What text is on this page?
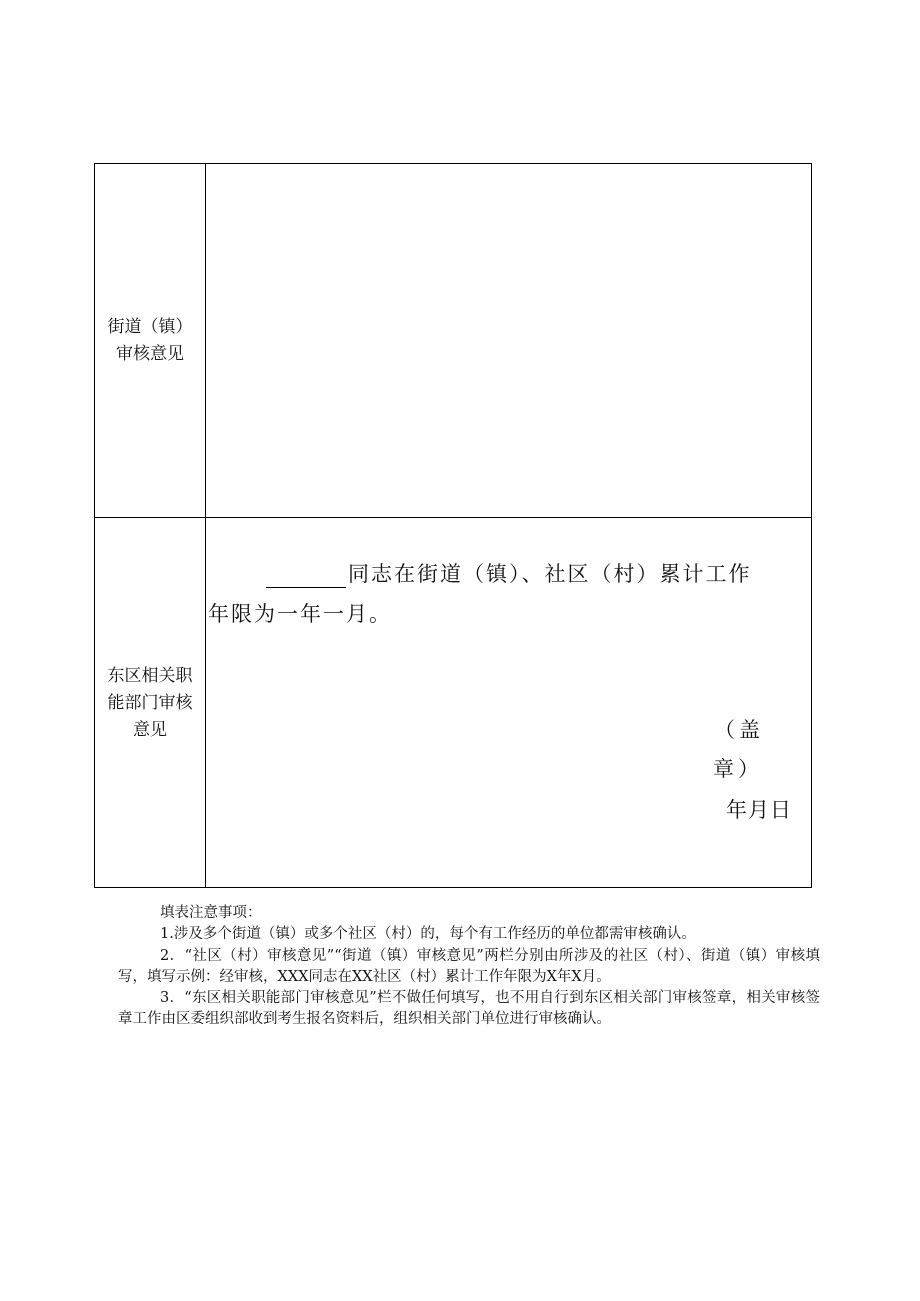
街道（镇）
审核意见
东区相关职
能部门审核
意见
同志在街道（镇）、社区（村）累计工作
年限为一年一月。
（盖
章）
年月日

填表注意事项：

1.涉及多个街道（镇）或多个社区（村）的，每个有工作经历的单位都需审核确认。

2．“社区（村）审核意见”“街道（镇）审核意见”两栏分别由所涉及的社区（村）、街道（镇）审核填写，填写示例：经审核，XXX同志在XX社区（村）累计工作年限为X年X月。

3．“东区相关职能部门审核意见”栏不做任何填写，也不用自行到东区相关部门审核签章，相关审核签章工作由区委组织部收到考生报名资料后，组织相关部门单位进行审核确认。
